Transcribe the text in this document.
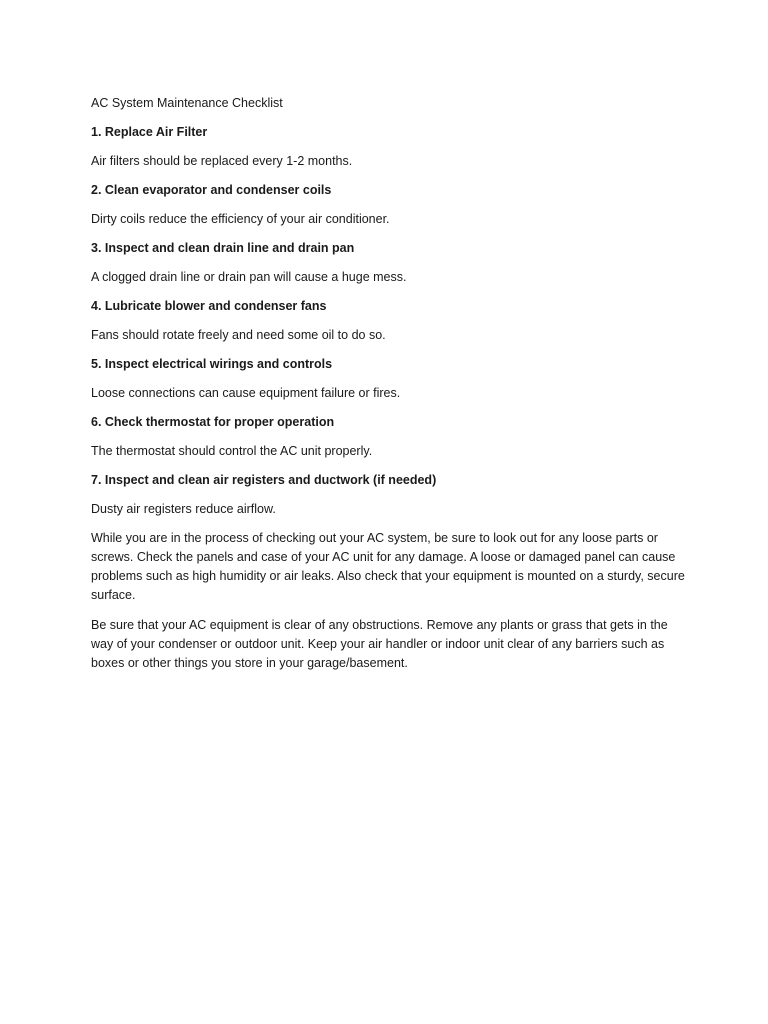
AC System Maintenance Checklist

1. Replace Air Filter

Air filters should be replaced every 1-2 months.

2. Clean evaporator and condenser coils

Dirty coils reduce the efficiency of your air conditioner.

3. Inspect and clean drain line and drain pan

A clogged drain line or drain pan will cause a huge mess.

4. Lubricate blower and condenser fans

Fans should rotate freely and need some oil to do so.

5. Inspect electrical wirings and controls

Loose connections can cause equipment failure or fires.

6. Check thermostat for proper operation

The thermostat should control the AC unit properly.

7. Inspect and clean air registers and ductwork (if needed)

Dusty air registers reduce airflow.

While you are in the process of checking out your AC system, be sure to look out for any loose parts or screws. Check the panels and case of your AC unit for any damage. A loose or damaged panel can cause problems such as high humidity or air leaks. Also check that your equipment is mounted on a sturdy, secure surface.

Be sure that your AC equipment is clear of any obstructions. Remove any plants or grass that gets in the way of your condenser or outdoor unit. Keep your air handler or indoor unit clear of any barriers such as boxes or other things you store in your garage/basement.
